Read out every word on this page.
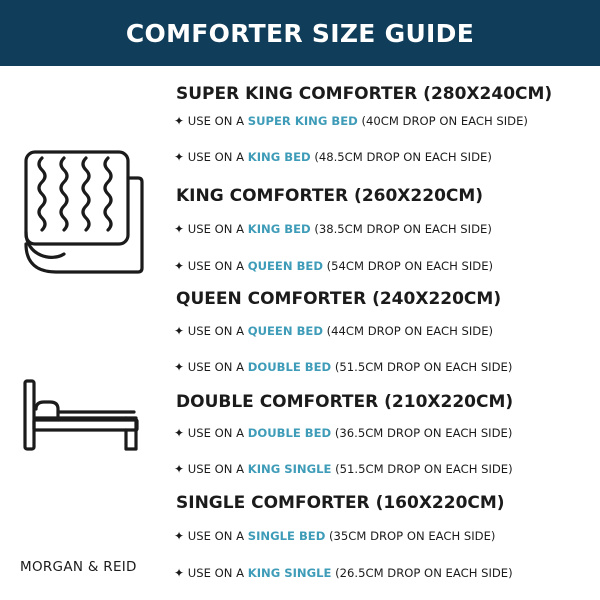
COMFORTER SIZE GUIDE
SUPER KING COMFORTER (280X240CM)
✦ USE ON A SUPER KING BED (40CM DROP ON EACH SIDE)
✦ USE ON A KING BED (48.5CM DROP ON EACH SIDE)
KING COMFORTER (260X220CM)
✦ USE ON A KING BED (38.5CM DROP ON EACH SIDE)
✦ USE ON A QUEEN BED (54CM DROP ON EACH SIDE)
QUEEN COMFORTER (240X220CM)
✦ USE ON A QUEEN BED (44CM DROP ON EACH SIDE)
✦ USE ON A DOUBLE BED (51.5CM DROP ON EACH SIDE)
DOUBLE COMFORTER (210X220CM)
✦ USE ON A DOUBLE BED (36.5CM DROP ON EACH SIDE)
✦ USE ON A KING SINGLE (51.5CM DROP ON EACH SIDE)
SINGLE COMFORTER (160X220CM)
✦ USE ON A SINGLE BED (35CM DROP ON EACH SIDE)
✦ USE ON A KING SINGLE (26.5CM DROP ON EACH SIDE)
MORGAN & REID
